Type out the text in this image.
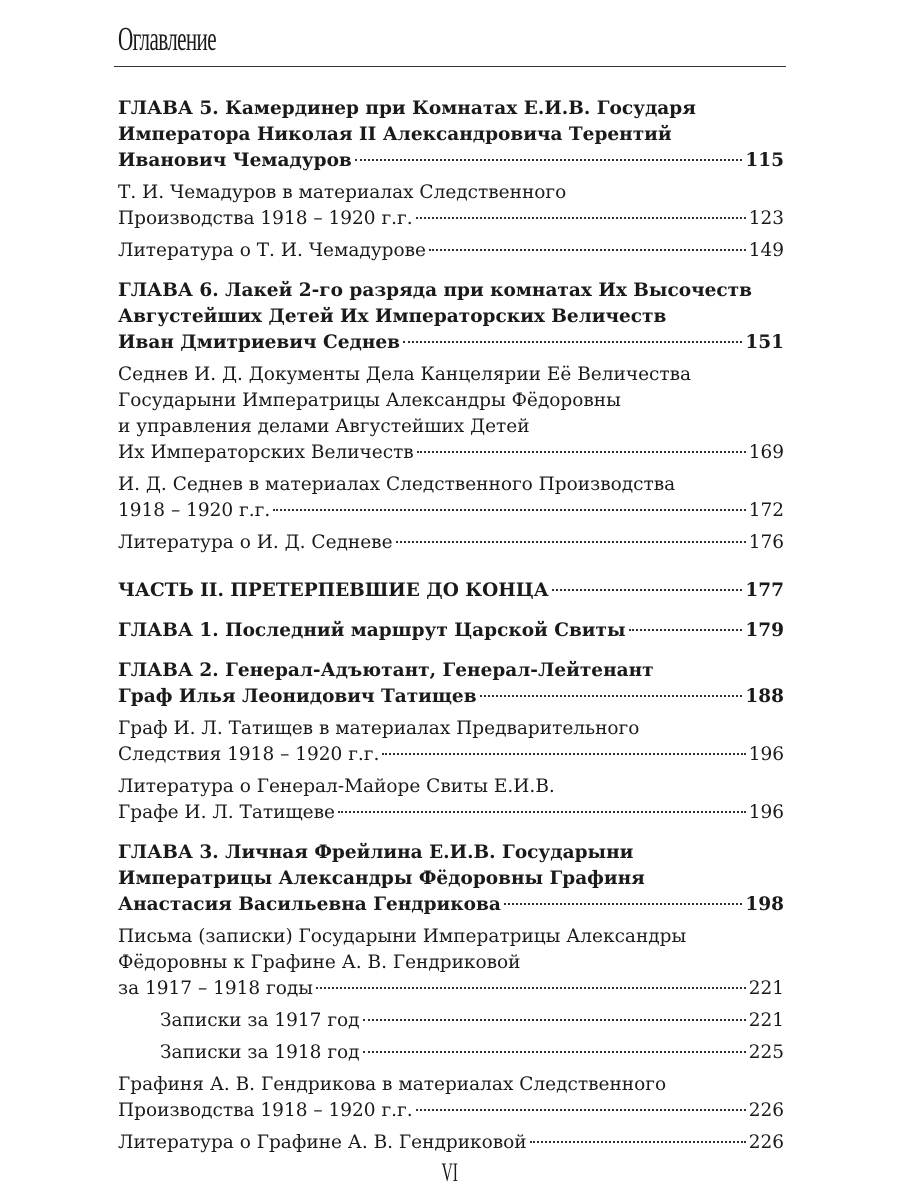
Оглавление
ГЛАВА 5. Камердинер при Комнатах Е.И.В. Государя
Императора Николая II Александровича Терентий
Иванович Чемадуров	115
Т. И. Чемадуров в материалах Следственного
Производства 1918 – 1920 г.г.	123
Литература о Т. И. Чемадурове	149
ГЛАВА 6. Лакей 2-го разряда при комнатах Их Высочеств
Августейших Детей Их Императорских Величеств
Иван Дмитриевич Седнев	151
Седнев И. Д. Документы Дела Канцелярии Её Величества
Государыни Императрицы Александры Фёдоровны
и управления делами Августейших Детей
Их Императорских Величеств	169
И. Д. Седнев в материалах Следственного Производства
1918 – 1920 г.г.	172
Литература о И. Д. Седневе	176
ЧАСТЬ II. ПРЕТЕРПЕВШИЕ ДО КОНЦА	177
ГЛАВА 1. Последний маршрут Царской Свиты	179
ГЛАВА 2. Генерал-Адъютант, Генерал-Лейтенант
Граф Илья Леонидович Татищев	188
Граф И. Л. Татищев в материалах Предварительного
Следствия 1918 – 1920 г.г.	196
Литература о Генерал-Майоре Свиты Е.И.В.
Графе И. Л. Татищеве	196
ГЛАВА 3. Личная Фрейлина Е.И.В. Государыни
Императрицы Александры Фёдоровны Графиня
Анастасия Васильевна Гендрикова	198
Письма (записки) Государыни Императрицы Александры
Фёдоровны к Графине А. В. Гендриковой
за 1917 – 1918 годы	221
Записки за 1917 год	221
Записки за 1918 год	225
Графиня А. В. Гендрикова в материалах Следственного
Производства 1918 – 1920 г.г.	226
Литература о Графине А. В. Гендриковой	226
VI
